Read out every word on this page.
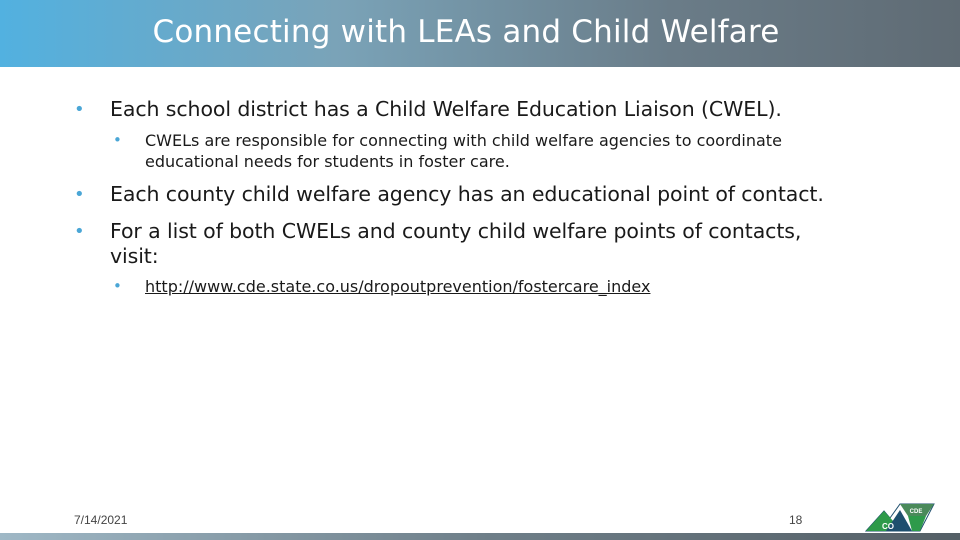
Connecting with LEAs and Child Welfare
• Each school district has a Child Welfare Education Liaison (CWEL).
• CWELs are responsible for connecting with child welfare agencies to coordinate
educational needs for students in foster care.
• Each county child welfare agency has an educational point of contact.
• For a list of both CWELs and county child welfare points of contacts,
visit:
• http://www.cde.state.co.us/dropoutprevention/fostercare_index
7/14/2021	18
CDE
CO
